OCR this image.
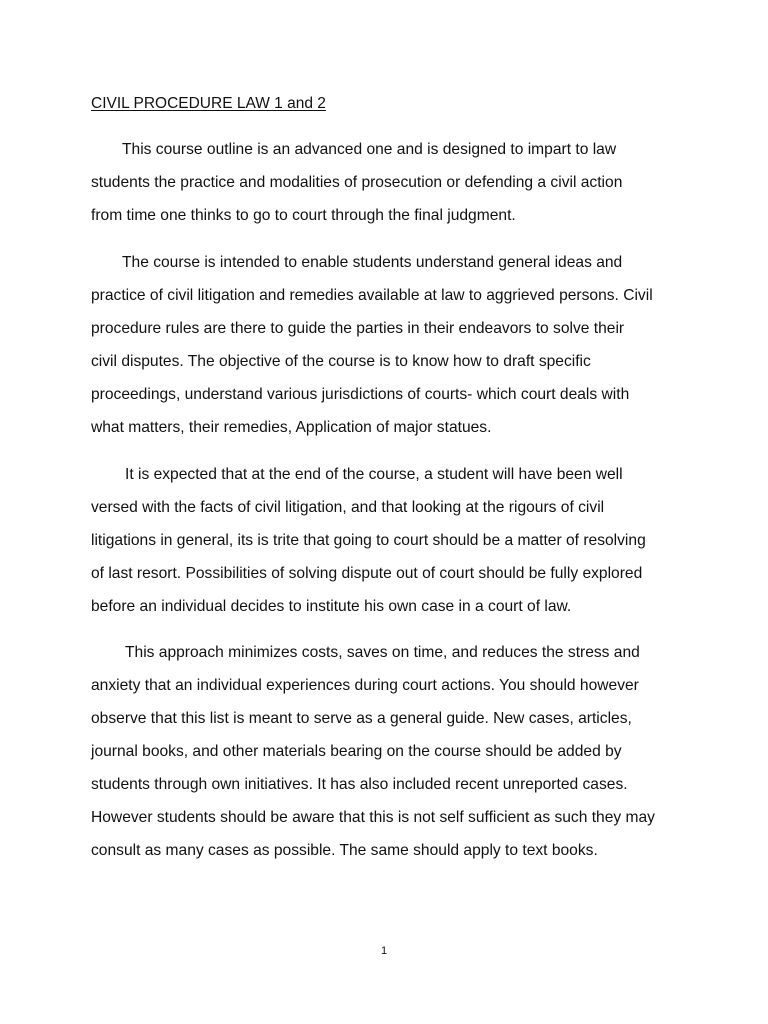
CIVIL PROCEDURE LAW 1 and 2

This course outline is an advanced one and is designed to impart to law
students the practice and modalities of prosecution or defending a civil action
from time one thinks to go to court through the final judgment.

The course is intended to enable students understand general ideas and
practice of civil litigation and remedies available at law to aggrieved persons. Civil
procedure rules are there to guide the parties in their endeavors to solve their
civil disputes. The objective of the course is to know how to draft specific
proceedings, understand various jurisdictions of courts- which court deals with
what matters, their remedies, Application of major statues.

It is expected that at the end of the course, a student will have been well
versed with the facts of civil litigation, and that looking at the rigours of civil
litigations in general, its is trite that going to court should be a matter of resolving
of last resort. Possibilities of solving dispute out of court should be fully explored
before an individual decides to institute his own case in a court of law.

This approach minimizes costs, saves on time, and reduces the stress and
anxiety that an individual experiences during court actions. You should however
observe that this list is meant to serve as a general guide. New cases, articles,
journal books, and other materials bearing on the course should be added by
students through own initiatives. It has also included recent unreported cases.
However students should be aware that this is not self sufficient as such they may
consult as many cases as possible. The same should apply to text books.

1
